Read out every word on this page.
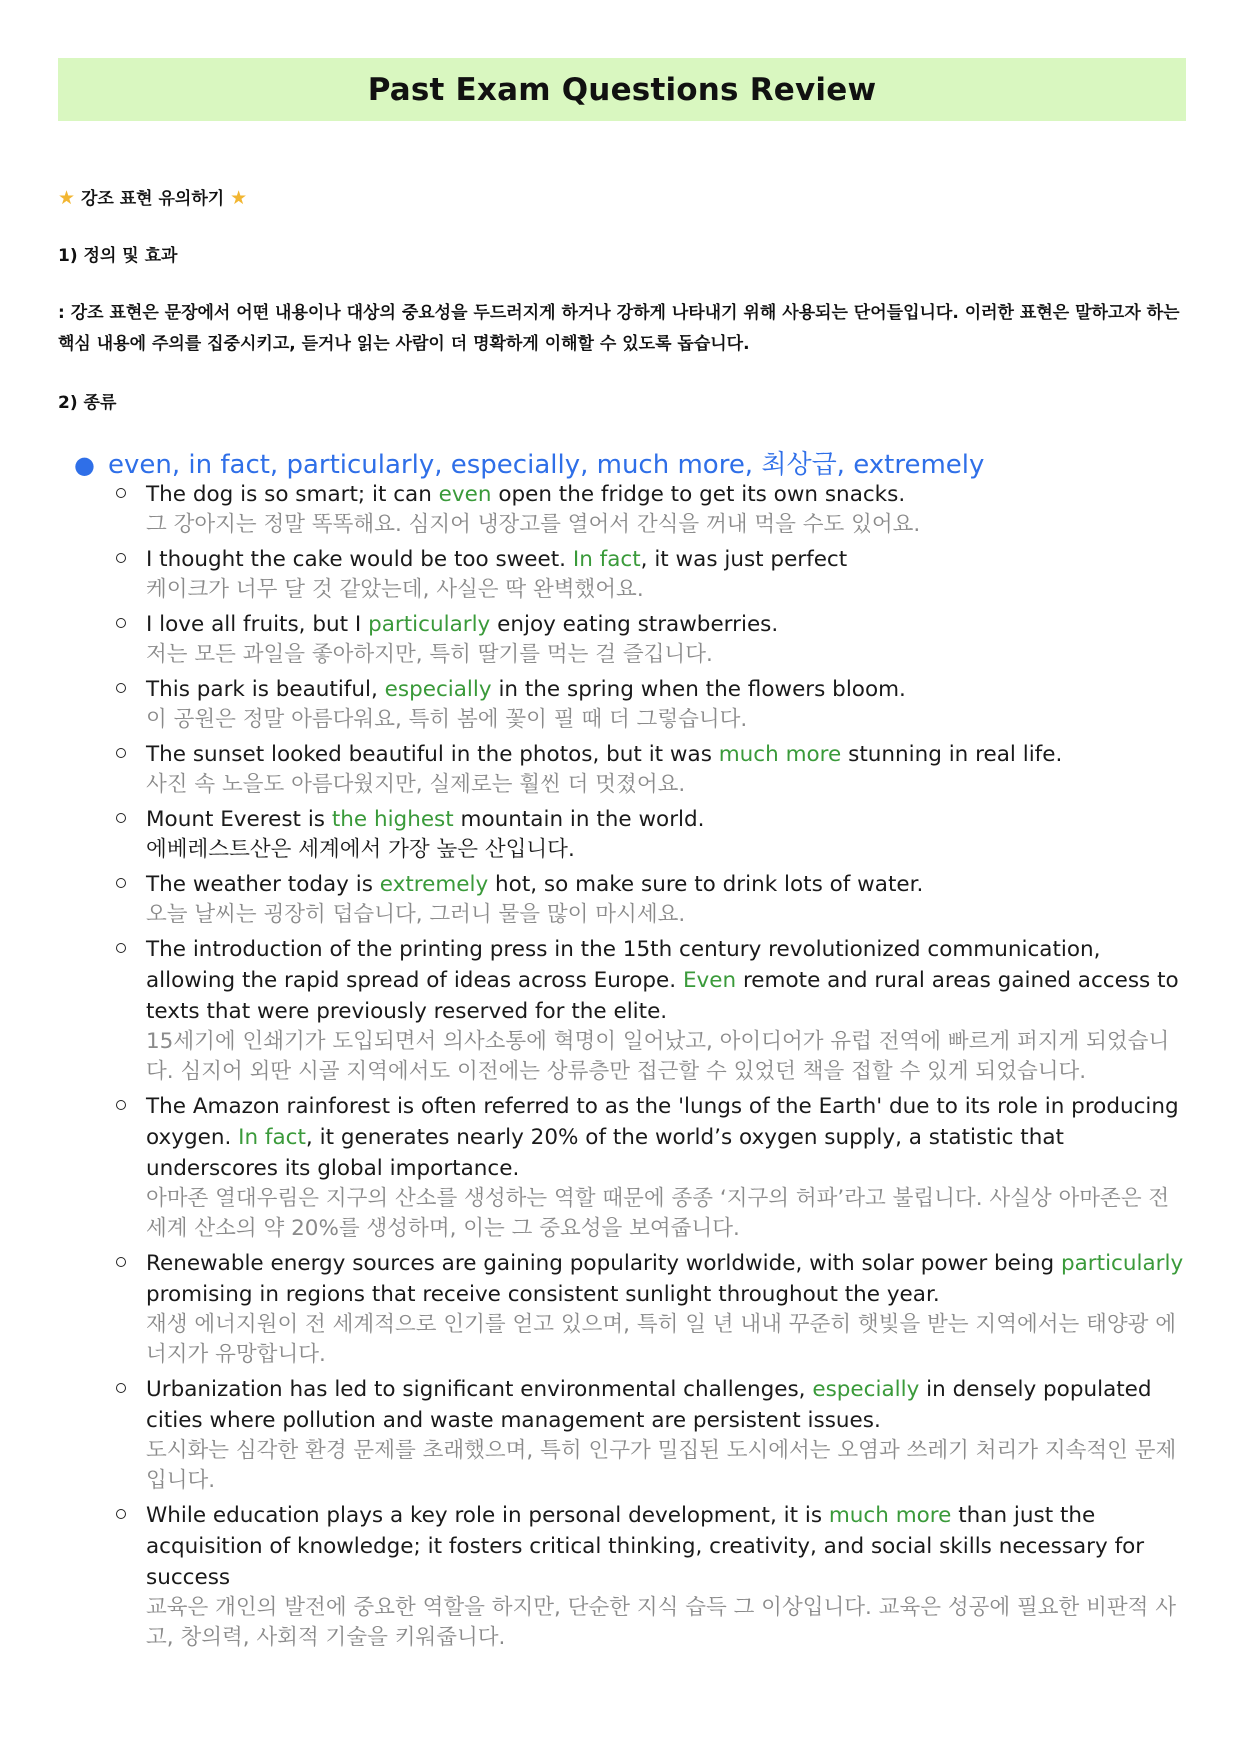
Past Exam Questions Review
★ 강조 표현 유의하기 ★
1) 정의 및 효과
: 강조 표현은 문장에서 어떤 내용이나 대상의 중요성을 두드러지게 하거나 강하게 나타내기 위해 사용되는 단어들입니다. 이러한 표현은 말하고자 하는 핵심 내용에 주의를 집중시키고, 듣거나 읽는 사람이 더 명확하게 이해할 수 있도록 돕습니다.
2) 종류
● even, in fact, particularly, especially, much more, 최상급, extremely
The dog is so smart; it can even open the fridge to get its own snacks.
그 강아지는 정말 똑똑해요. 심지어 냉장고를 열어서 간식을 꺼내 먹을 수도 있어요.
I thought the cake would be too sweet. In fact, it was just perfect
케이크가 너무 달 것 같았는데, 사실은 딱 완벽했어요.
I love all fruits, but I particularly enjoy eating strawberries.
저는 모든 과일을 좋아하지만, 특히 딸기를 먹는 걸 즐깁니다.
This park is beautiful, especially in the spring when the flowers bloom.
이 공원은 정말 아름다워요, 특히 봄에 꽃이 필 때 더 그렇습니다.
The sunset looked beautiful in the photos, but it was much more stunning in real life.
사진 속 노을도 아름다웠지만, 실제로는 훨씬 더 멋졌어요.
Mount Everest is the highest mountain in the world.
에베레스트산은 세계에서 가장 높은 산입니다.
The weather today is extremely hot, so make sure to drink lots of water.
오늘 날씨는 굉장히 덥습니다, 그러니 물을 많이 마시세요.
The introduction of the printing press in the 15th century revolutionized communication, allowing the rapid spread of ideas across Europe. Even remote and rural areas gained access to texts that were previously reserved for the elite.
15세기에 인쇄기가 도입되면서 의사소통에 혁명이 일어났고, 아이디어가 유럽 전역에 빠르게 퍼지게 되었습니다. 심지어 외딴 시골 지역에서도 이전에는 상류층만 접근할 수 있었던 책을 접할 수 있게 되었습니다.
The Amazon rainforest is often referred to as the 'lungs of the Earth' due to its role in producing oxygen. In fact, it generates nearly 20% of the world’s oxygen supply, a statistic that underscores its global importance.
아마존 열대우림은 지구의 산소를 생성하는 역할 때문에 종종 ‘지구의 허파’라고 불립니다. 사실상 아마존은 전 세계 산소의 약 20%를 생성하며, 이는 그 중요성을 보여줍니다.
Renewable energy sources are gaining popularity worldwide, with solar power being particularly promising in regions that receive consistent sunlight throughout the year.
재생 에너지원이 전 세계적으로 인기를 얻고 있으며, 특히 일 년 내내 꾸준히 햇빛을 받는 지역에서는 태양광 에너지가 유망합니다.
Urbanization has led to significant environmental challenges, especially in densely populated cities where pollution and waste management are persistent issues.
도시화는 심각한 환경 문제를 초래했으며, 특히 인구가 밀집된 도시에서는 오염과 쓰레기 처리가 지속적인 문제입니다.
While education plays a key role in personal development, it is much more than just the acquisition of knowledge; it fosters critical thinking, creativity, and social skills necessary for success
교육은 개인의 발전에 중요한 역할을 하지만, 단순한 지식 습득 그 이상입니다. 교육은 성공에 필요한 비판적 사고, 창의력, 사회적 기술을 키워줍니다.
